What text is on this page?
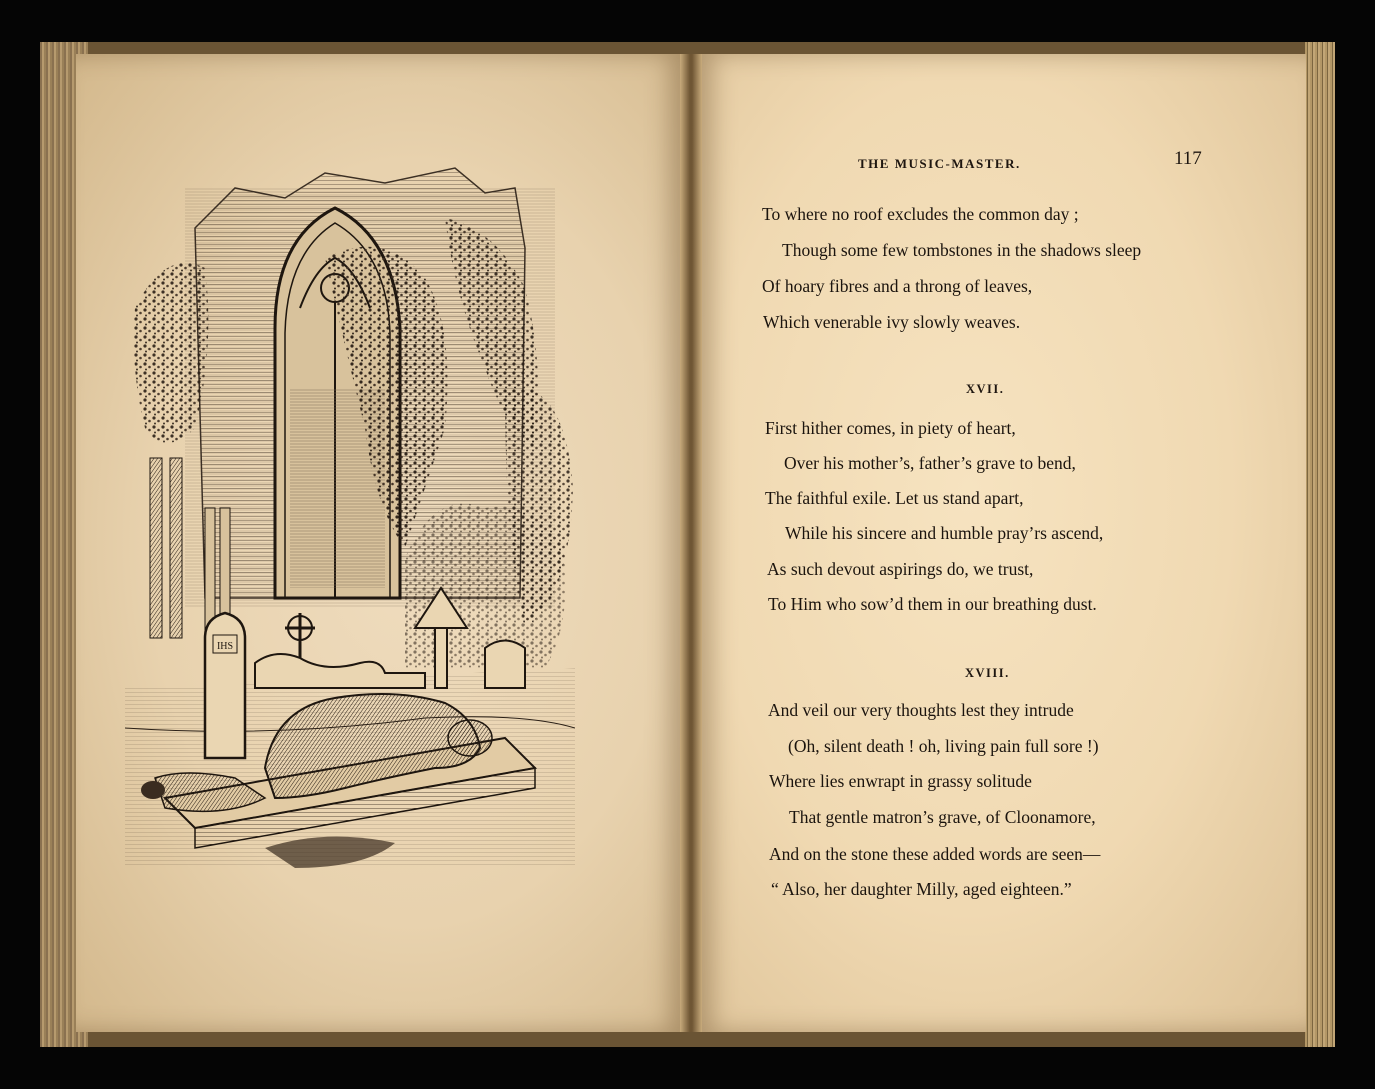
IHS
THE MUSIC-MASTER.	117
To where no roof excludes the common day ;
Though some few tombstones in the shadows sleep
Of hoary fibres and a throng of leaves,
Which venerable ivy slowly weaves.
XVII.
First hither comes, in piety of heart,
Over his mother’s, father’s grave to bend,
The faithful exile. Let us stand apart,
While his sincere and humble pray’rs ascend,
As such devout aspirings do, we trust,
To Him who sow’d them in our breathing dust.
XVIII.
And veil our very thoughts lest they intrude
(Oh, silent death ! oh, living pain full sore !)
Where lies enwrapt in grassy solitude
That gentle matron’s grave, of Cloonamore,
And on the stone these added words are seen—
“ Also, her daughter Milly, aged eighteen.”
